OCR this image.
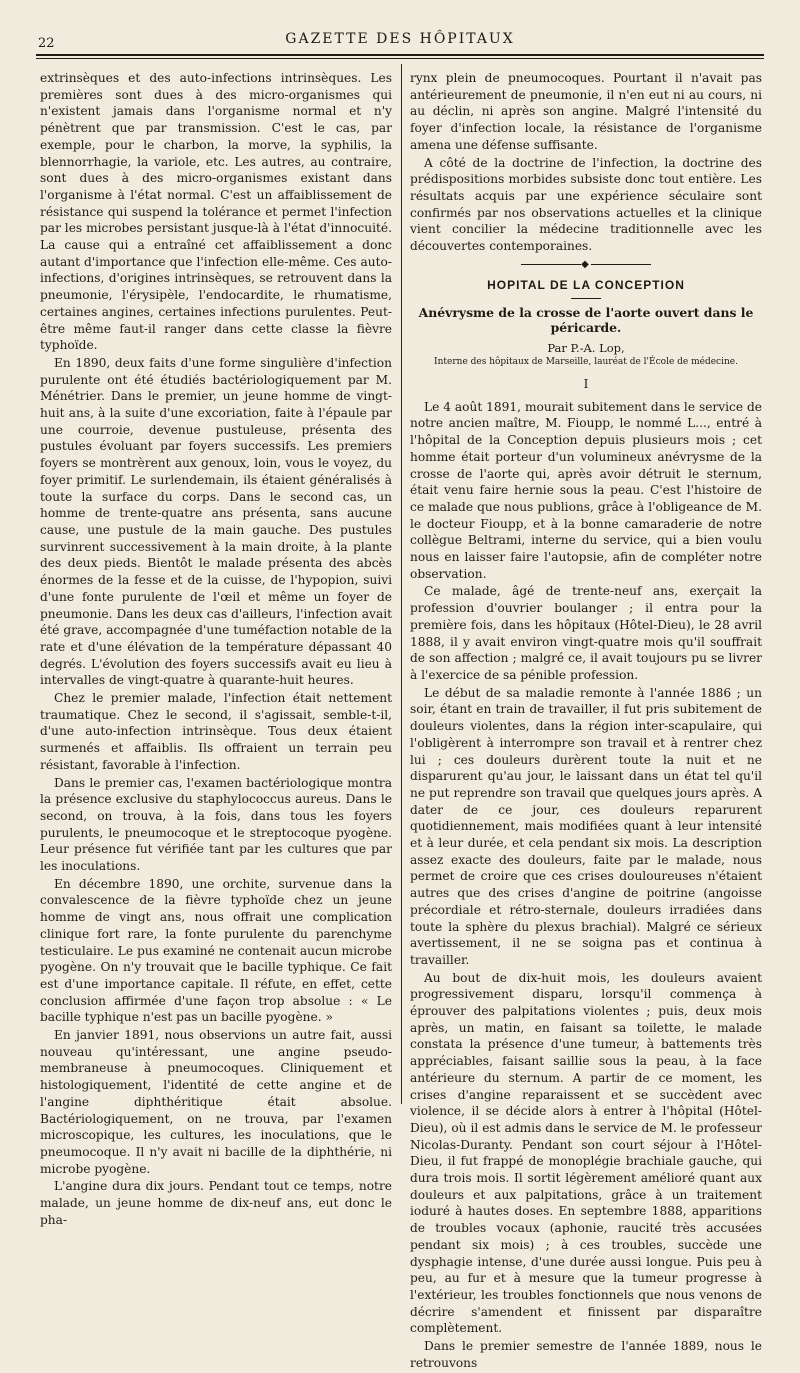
22	GAZETTE DES HÔPITAUX

extrinsèques et des auto-infections intrinsèques. Les premières sont dues à des micro-organismes qui n'existent jamais dans l'organisme normal et n'y pénètrent que par transmission. C'est le cas, par exemple, pour le charbon, la morve, la syphilis, la blennorrhagie, la variole, etc. Les autres, au contraire, sont dues à des micro-organismes existant dans l'organisme à l'état normal. C'est un affaiblissement de résistance qui suspend la tolérance et permet l'infection par les microbes persistant jusque-là à l'état d'innocuité. La cause qui a entraîné cet affaiblissement a donc autant d'importance que l'infection elle-même. Ces auto-infections, d'origines intrinsèques, se retrouvent dans la pneumonie, l'érysipèle, l'endocardite, le rhumatisme, certaines angines, certaines infections purulentes. Peut-être même faut-il ranger dans cette classe la fièvre typhoïde.

En 1890, deux faits d'une forme singulière d'infection purulente ont été étudiés bactériologiquement par M. Ménétrier. Dans le premier, un jeune homme de vingt-huit ans, à la suite d'une excoriation, faite à l'épaule par une courroie, devenue pustuleuse, présenta des pustules évoluant par foyers successifs. Les premiers foyers se montrèrent aux genoux, loin, vous le voyez, du foyer primitif. Le surlendemain, ils étaient généralisés à toute la surface du corps. Dans le second cas, un homme de trente-quatre ans présenta, sans aucune cause, une pustule de la main gauche. Des pustules survinrent successivement à la main droite, à la plante des deux pieds. Bientôt le malade présenta des abcès énormes de la fesse et de la cuisse, de l'hypopion, suivi d'une fonte purulente de l'œil et même un foyer de pneumonie. Dans les deux cas d'ailleurs, l'infection avait été grave, accompagnée d'une tuméfaction notable de la rate et d'une élévation de la température dépassant 40 degrés. L'évolution des foyers successifs avait eu lieu à intervalles de vingt-quatre à quarante-huit heures.

Chez le premier malade, l'infection était nettement traumatique. Chez le second, il s'agissait, semble-t-il, d'une auto-infection intrinsèque. Tous deux étaient surmenés et affaiblis. Ils offraient un terrain peu résistant, favorable à l'infection.

Dans le premier cas, l'examen bactériologique montra la présence exclusive du staphylococcus aureus. Dans le second, on trouva, à la fois, dans tous les foyers purulents, le pneumocoque et le streptocoque pyogène. Leur présence fut vérifiée tant par les cultures que par les inoculations.

En décembre 1890, une orchite, survenue dans la convalescence de la fièvre typhoïde chez un jeune homme de vingt ans, nous offrait une complication clinique fort rare, la fonte purulente du parenchyme testiculaire. Le pus examiné ne contenait aucun microbe pyogène. On n'y trouvait que le bacille typhique. Ce fait est d'une importance capitale. Il réfute, en effet, cette conclusion affirmée d'une façon trop absolue : « Le bacille typhique n'est pas un bacille pyogène. »

En janvier 1891, nous observions un autre fait, aussi nouveau qu'intéressant, une angine pseudo-membraneuse à pneumocoques. Cliniquement et histologiquement, l'identité de cette angine et de l'angine diphthéritique était absolue. Bactériologiquement, on ne trouva, par l'examen microscopique, les cultures, les inoculations, que le pneumocoque. Il n'y avait ni bacille de la diphthérie, ni microbe pyogène.

L'angine dura dix jours. Pendant tout ce temps, notre malade, un jeune homme de dix-neuf ans, eut donc le pha-

rynx plein de pneumocoques. Pourtant il n'avait pas antérieurement de pneumonie, il n'en eut ni au cours, ni au déclin, ni après son angine. Malgré l'intensité du foyer d'infection locale, la résistance de l'organisme amena une défense suffisante.

A côté de la doctrine de l'infection, la doctrine des prédispositions morbides subsiste donc tout entière. Les résultats acquis par une expérience séculaire sont confirmés par nos observations actuelles et la clinique vient concilier la médecine traditionnelle avec les découvertes contemporaines.

◆
HOPITAL DE LA CONCEPTION
Anévrysme de la crosse de l'aorte ouvert dans le péricarde.
Par P.-A. Lop,
Interne des hôpitaux de Marseille, lauréat de l'École de médecine.
I

Le 4 août 1891, mourait subitement dans le service de notre ancien maître, M. Fioupp, le nommé L..., entré à l'hôpital de la Conception depuis plusieurs mois ; cet homme était porteur d'un volumineux anévrysme de la crosse de l'aorte qui, après avoir détruit le sternum, était venu faire hernie sous la peau. C'est l'histoire de ce malade que nous publions, grâce à l'obligeance de M. le docteur Fioupp, et à la bonne camaraderie de notre collègue Beltrami, interne du service, qui a bien voulu nous en laisser faire l'autopsie, afin de compléter notre observation.

Ce malade, âgé de trente-neuf ans, exerçait la profession d'ouvrier boulanger ; il entra pour la première fois, dans les hôpitaux (Hôtel-Dieu), le 28 avril 1888, il y avait environ vingt-quatre mois qu'il souffrait de son affection ; malgré ce, il avait toujours pu se livrer à l'exercice de sa pénible profession.

Le début de sa maladie remonte à l'année 1886 ; un soir, étant en train de travailler, il fut pris subitement de douleurs violentes, dans la région inter-scapulaire, qui l'obligèrent à interrompre son travail et à rentrer chez lui ; ces douleurs durèrent toute la nuit et ne disparurent qu'au jour, le laissant dans un état tel qu'il ne put reprendre son travail que quelques jours après. A dater de ce jour, ces douleurs reparurent quotidiennement, mais modifiées quant à leur intensité et à leur durée, et cela pendant six mois. La description assez exacte des douleurs, faite par le malade, nous permet de croire que ces crises douloureuses n'étaient autres que des crises d'angine de poitrine (angoisse précordiale et rétro-sternale, douleurs irradiées dans toute la sphère du plexus brachial). Malgré ce sérieux avertissement, il ne se soigna pas et continua à travailler.

Au bout de dix-huit mois, les douleurs avaient progressivement disparu, lorsqu'il commença à éprouver des palpitations violentes ; puis, deux mois après, un matin, en faisant sa toilette, le malade constata la présence d'une tumeur, à battements très appréciables, faisant saillie sous la peau, à la face antérieure du sternum. A partir de ce moment, les crises d'angine reparaissent et se succèdent avec violence, il se décide alors à entrer à l'hôpital (Hôtel-Dieu), où il est admis dans le service de M. le professeur Nicolas-Duranty. Pendant son court séjour à l'Hôtel-Dieu, il fut frappé de monoplégie brachiale gauche, qui dura trois mois. Il sortit légèrement amélioré quant aux douleurs et aux palpitations, grâce à un traitement ioduré à hautes doses. En septembre 1888, apparitions de troubles vocaux (aphonie, raucité très accusées pendant six mois) ; à ces troubles, succède une dysphagie intense, d'une durée aussi longue. Puis peu à peu, au fur et à mesure que la tumeur progresse à l'extérieur, les troubles fonctionnels que nous venons de décrire s'amendent et finissent par disparaître complètement.

Dans le premier semestre de l'année 1889, nous le retrouvons
